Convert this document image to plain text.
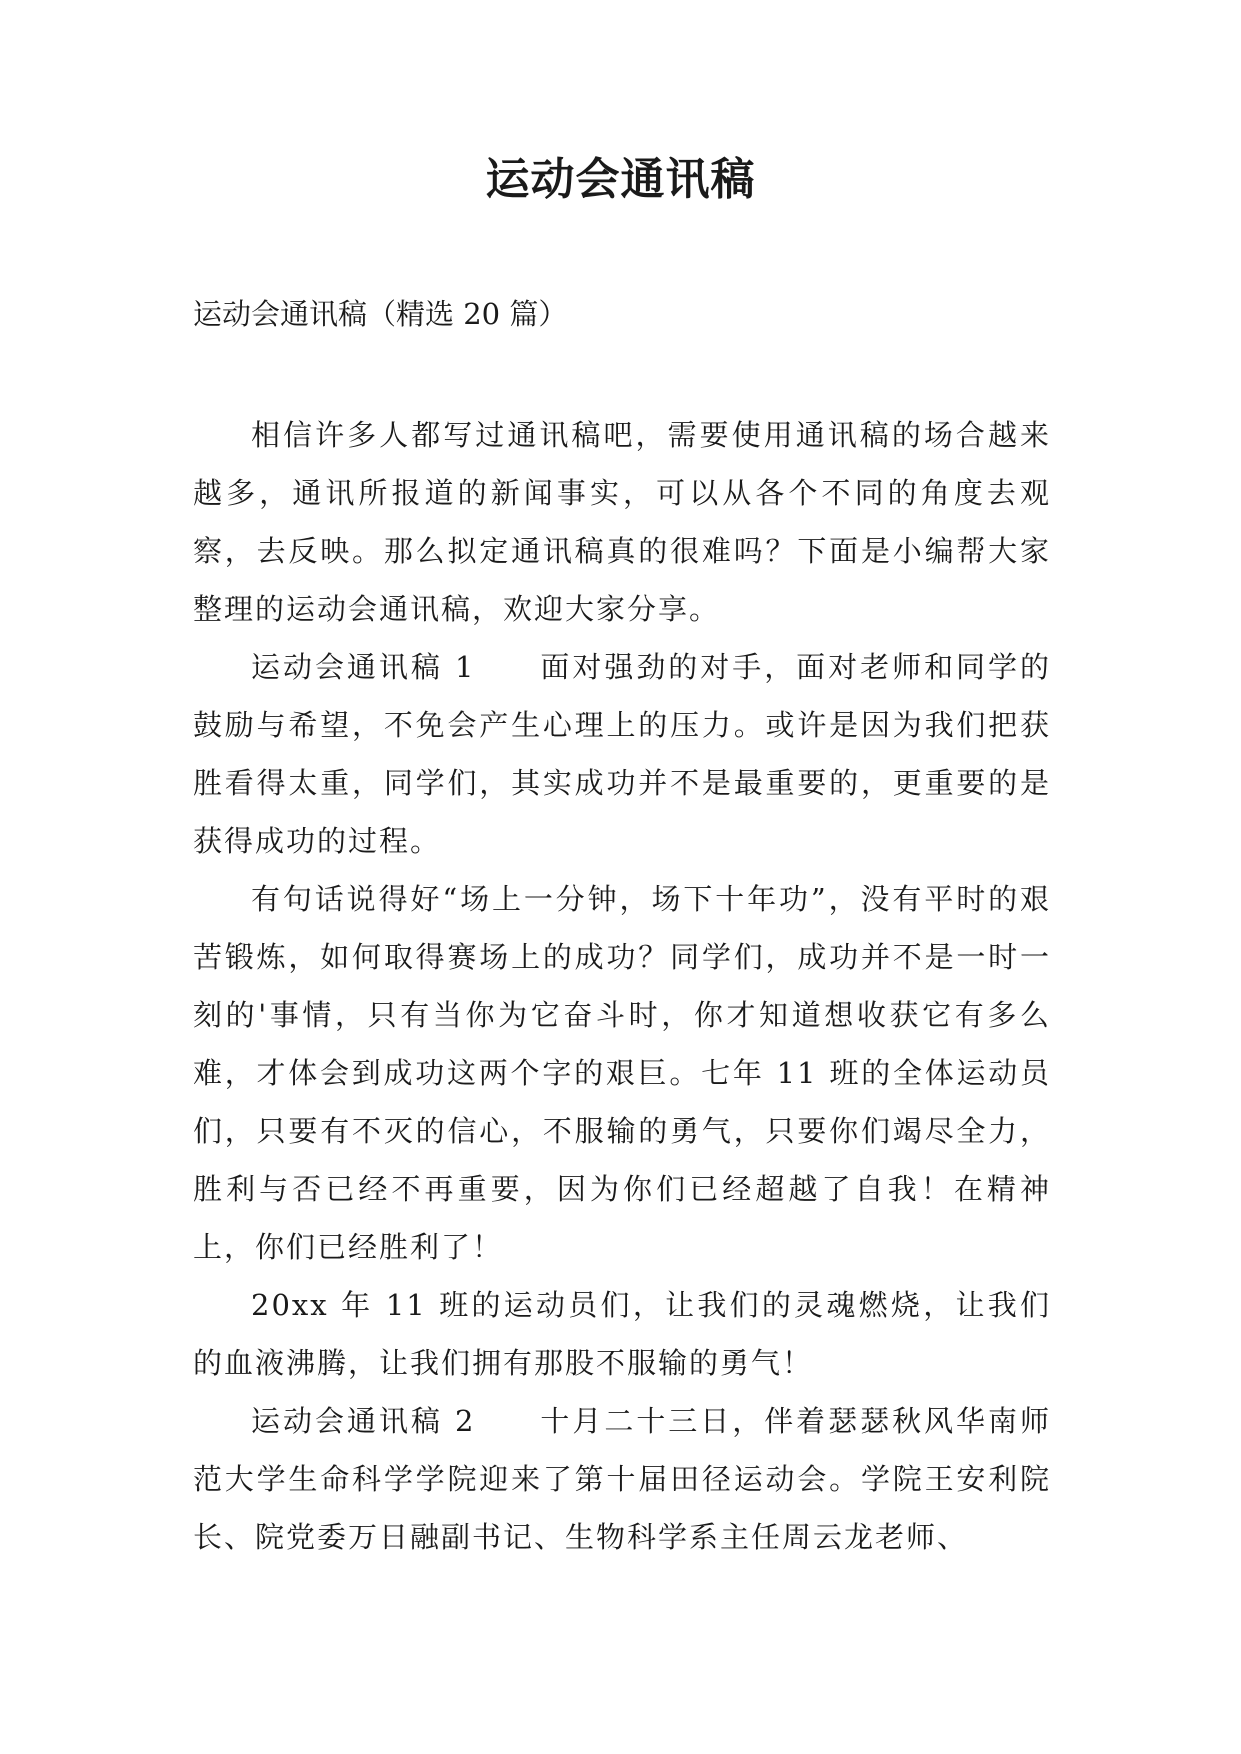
运动会通讯稿

运动会通讯稿（精选 20 篇）

相信许多人都写过通讯稿吧，需要使用通讯稿的场合越来越多，通讯所报道的新闻事实，可以从各个不同的角度去观察，去反映。那么拟定通讯稿真的很难吗？下面是小编帮大家整理的运动会通讯稿，欢迎大家分享。

运动会通讯稿 1　　面对强劲的对手，面对老师和同学的鼓励与希望，不免会产生心理上的压力。或许是因为我们把获胜看得太重，同学们，其实成功并不是最重要的，更重要的是获得成功的过程。

有句话说得好“场上一分钟，场下十年功”，没有平时的艰苦锻炼，如何取得赛场上的成功？同学们，成功并不是一时一刻的'事情，只有当你为它奋斗时，你才知道想收获它有多么难，才体会到成功这两个字的艰巨。七年 11 班的全体运动员们，只要有不灭的信心，不服输的勇气，只要你们竭尽全力，胜利与否已经不再重要，因为你们已经超越了自我！在精神上，你们已经胜利了！

20xx 年 11 班的运动员们，让我们的灵魂燃烧，让我们的血液沸腾，让我们拥有那股不服输的勇气！

运动会通讯稿 2　　十月二十三日，伴着瑟瑟秋风华南师范大学生命科学学院迎来了第十届田径运动会。学院王安利院长、院党委万日融副书记、生物科学系主任周云龙老师、
